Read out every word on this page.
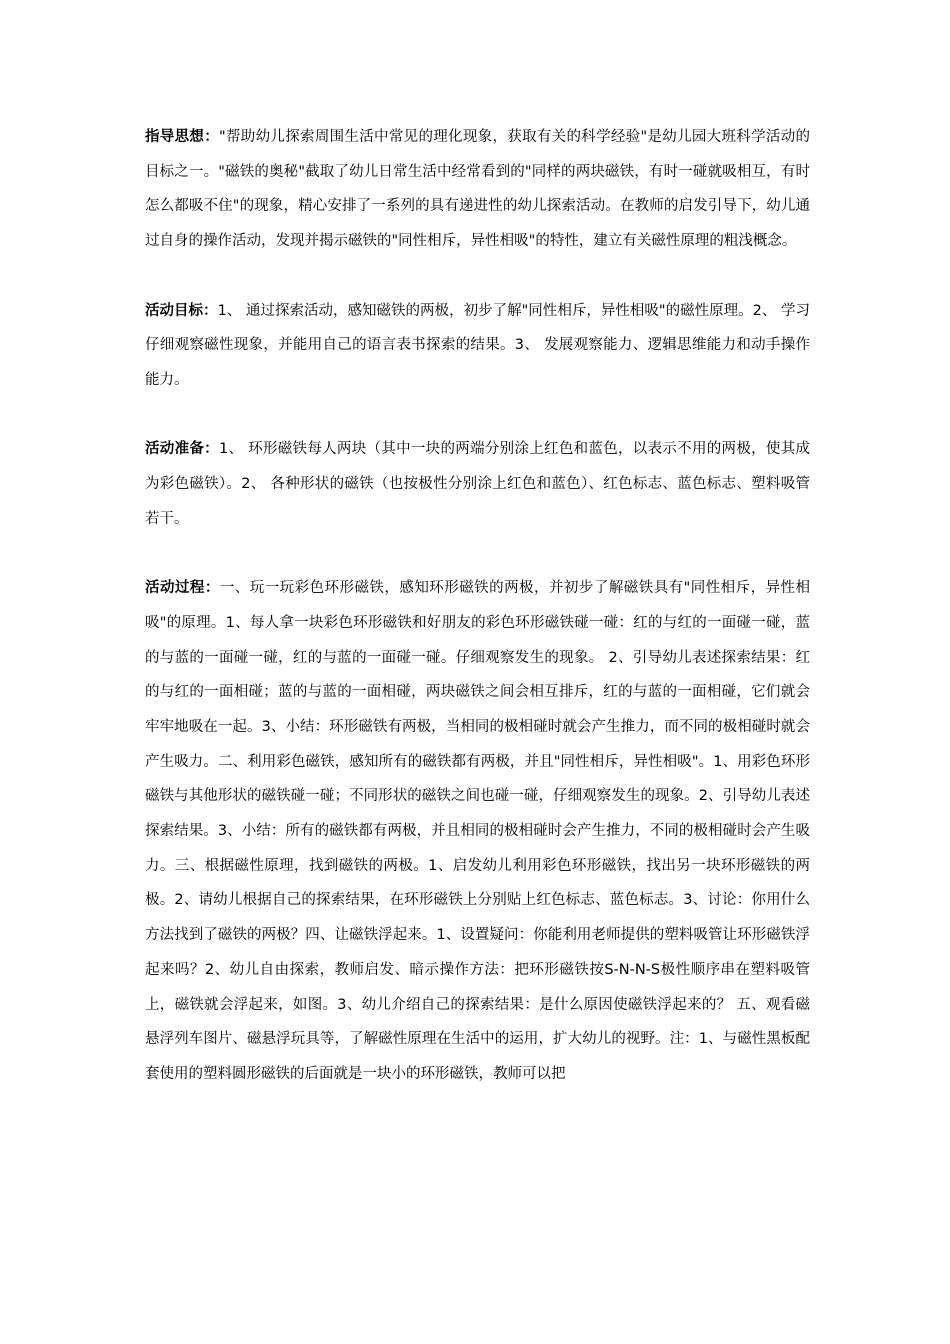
指导思想："帮助幼儿探索周围生活中常见的理化现象，获取有关的科学经验"是幼儿园大班科学活动的目标之一。"磁铁的奥秘"截取了幼儿日常生活中经常看到的"同样的两块磁铁，有时一碰就吸相互，有时怎么都吸不住"的现象，精心安排了一系列的具有递进性的幼儿探索活动。在教师的启发引导下，幼儿通过自身的操作活动，发现并揭示磁铁的"同性相斥，异性相吸"的特性，建立有关磁性原理的粗浅概念。

活动目标：1、 通过探索活动，感知磁铁的两极，初步了解"同性相斥，异性相吸"的磁性原理。2、 学习仔细观察磁性现象，并能用自己的语言表书探索的结果。3、 发展观察能力、逻辑思维能力和动手操作能力。

活动准备：1、 环形磁铁每人两块（其中一块的两端分别涂上红色和蓝色，以表示不用的两极，使其成为彩色磁铁）。2、 各种形状的磁铁（也按极性分别涂上红色和蓝色）、红色标志、蓝色标志、塑料吸管若干。

活动过程：一、玩一玩彩色环形磁铁，感知环形磁铁的两极，并初步了解磁铁具有"同性相斥，异性相吸"的原理。1、每人拿一块彩色环形磁铁和好朋友的彩色环形磁铁碰一碰：红的与红的一面碰一碰，蓝的与蓝的一面碰一碰，红的与蓝的一面碰一碰。仔细观察发生的现象。 2、引导幼儿表述探索结果：红的与红的一面相碰；蓝的与蓝的一面相碰，两块磁铁之间会相互排斥，红的与蓝的一面相碰，它们就会牢牢地吸在一起。3、小结：环形磁铁有两极，当相同的极相碰时就会产生推力，而不同的极相碰时就会产生吸力。二、利用彩色磁铁，感知所有的磁铁都有两极，并且"同性相斥，异性相吸"。1、用彩色环形磁铁与其他形状的磁铁碰一碰；不同形状的磁铁之间也碰一碰，仔细观察发生的现象。2、引导幼儿表述探索结果。3、小结：所有的磁铁都有两极，并且相同的极相碰时会产生推力，不同的极相碰时会产生吸力。三、根据磁性原理，找到磁铁的两极。1、启发幼儿利用彩色环形磁铁，找出另一块环形磁铁的两极。2、请幼儿根据自己的探索结果，在环形磁铁上分别贴上红色标志、蓝色标志。3、讨论：你用什么方法找到了磁铁的两极？四、让磁铁浮起来。1、设置疑问：你能利用老师提供的塑料吸管让环形磁铁浮起来吗？2、幼儿自由探索，教师启发、暗示操作方法：把环形磁铁按S-N-N-S极性顺序串在塑料吸管上，磁铁就会浮起来，如图。3、幼儿介绍自己的探索结果：是什么原因使磁铁浮起来的？ 五、观看磁悬浮列车图片、磁悬浮玩具等，了解磁性原理在生活中的运用，扩大幼儿的视野。注：1、与磁性黑板配套使用的塑料圆形磁铁的后面就是一块小的环形磁铁，教师可以把
